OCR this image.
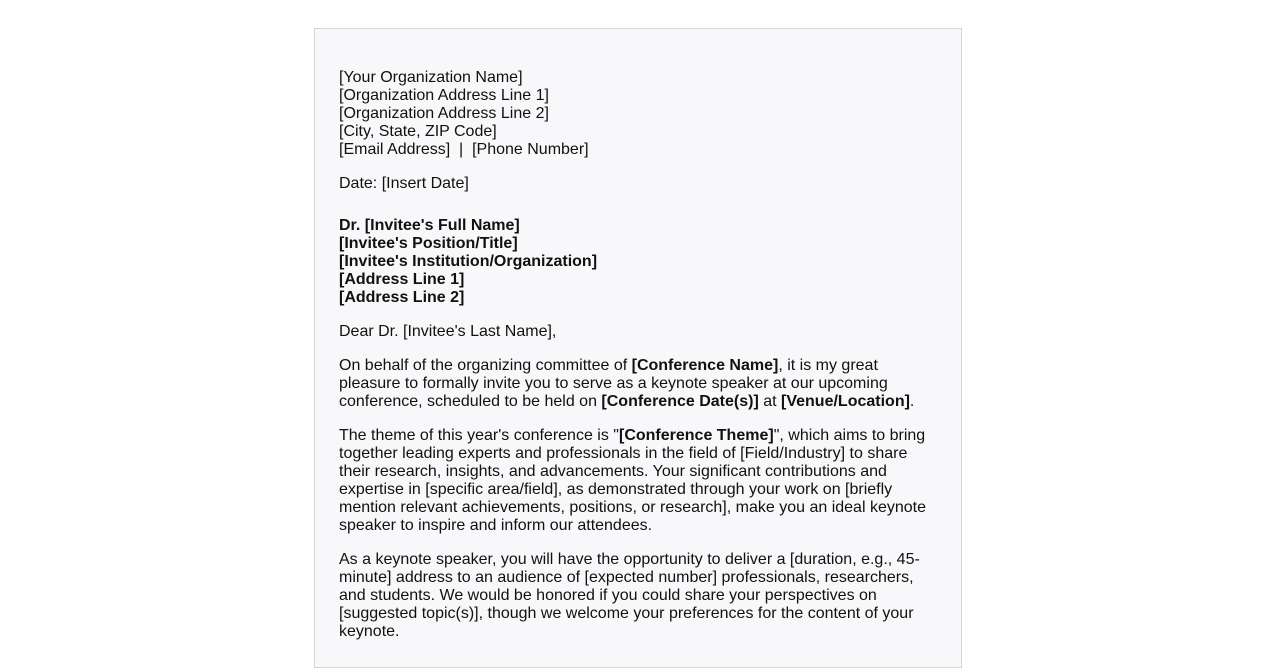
[Your Organization Name]
[Organization Address Line 1]
[Organization Address Line 2]
[City, State, ZIP Code]
[Email Address]  |  [Phone Number]

Date: [Insert Date]

Dr. [Invitee's Full Name]
[Invitee's Position/Title]
[Invitee's Institution/Organization]
[Address Line 1]
[Address Line 2]

Dear Dr. [Invitee's Last Name],

On behalf of the organizing committee of [Conference Name], it is my great pleasure to formally invite you to serve as a keynote speaker at our upcoming conference, scheduled to be held on [Conference Date(s)] at [Venue/Location].

The theme of this year's conference is "[Conference Theme]", which aims to bring together leading experts and professionals in the field of [Field/Industry] to share their research, insights, and advancements. Your significant contributions and expertise in [specific area/field], as demonstrated through your work on [briefly mention relevant achievements, positions, or research], make you an ideal keynote speaker to inspire and inform our attendees.

As a keynote speaker, you will have the opportunity to deliver a [duration, e.g., 45-minute] address to an audience of [expected number] professionals, researchers, and students. We would be honored if you could share your perspectives on [suggested topic(s)], though we welcome your preferences for the content of your keynote.
